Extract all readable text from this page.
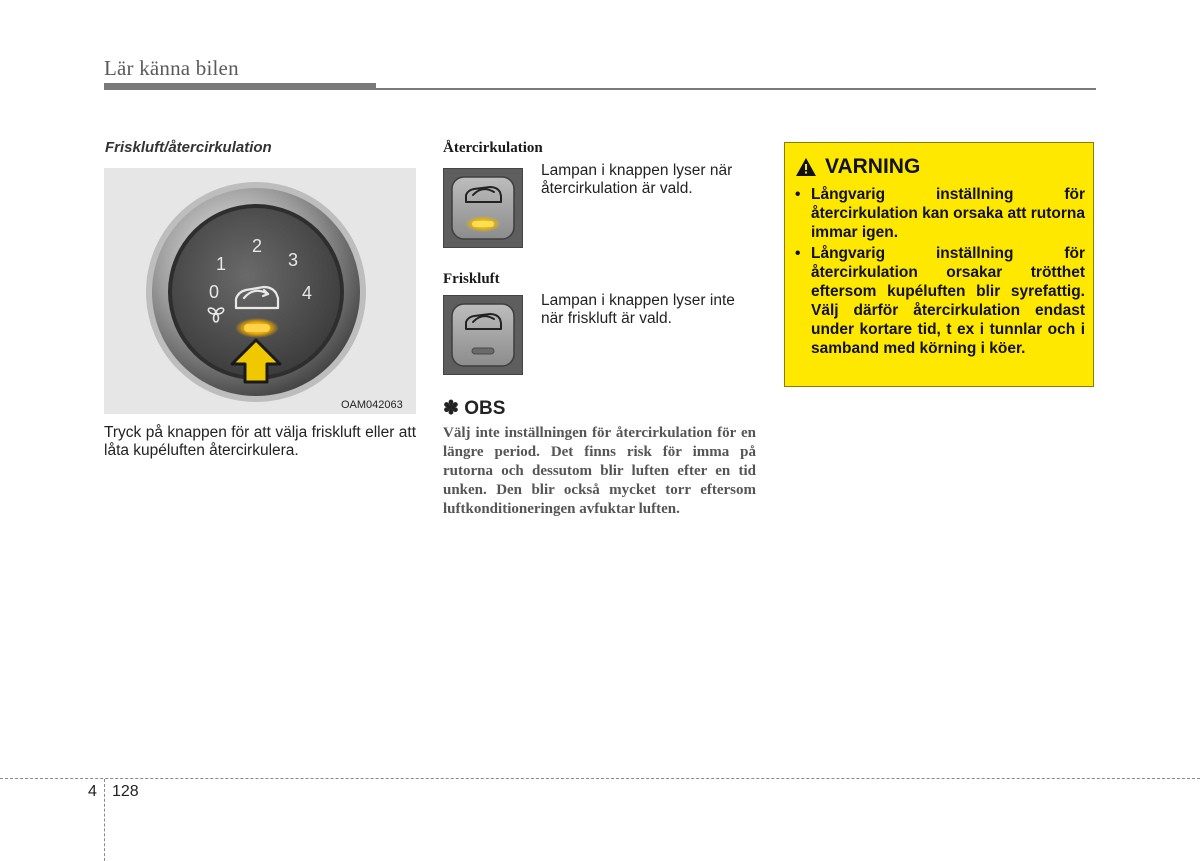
Lär känna bilen
Friskluft/återcirkulation
0
1
2
3
4
OAM042063
Tryck på knappen för att välja friskluft eller att låta kupéluften återcirkulera.
Återcirkulation
Lampan i knappen lyser när återcirkulation är vald.
Friskluft
Lampan i knappen lyser inte när friskluft är vald.
✽ OBS
Välj inte inställningen för återcirkulation för en längre period. Det finns risk för imma på rutorna och dessutom blir luften efter en tid unken. Den blir också mycket torr eftersom luftkonditioneringen avfuktar luften.
VARNING
• Långvarig inställning för återcirkulation kan orsaka att rutorna immar igen.
• Långvarig inställning för återcirkulation orsakar trötthet eftersom kupéluften blir syrefattig. Välj därför återcirkulation endast under kortare tid, t ex i tunnlar och i samband med körning i köer.
4 128
